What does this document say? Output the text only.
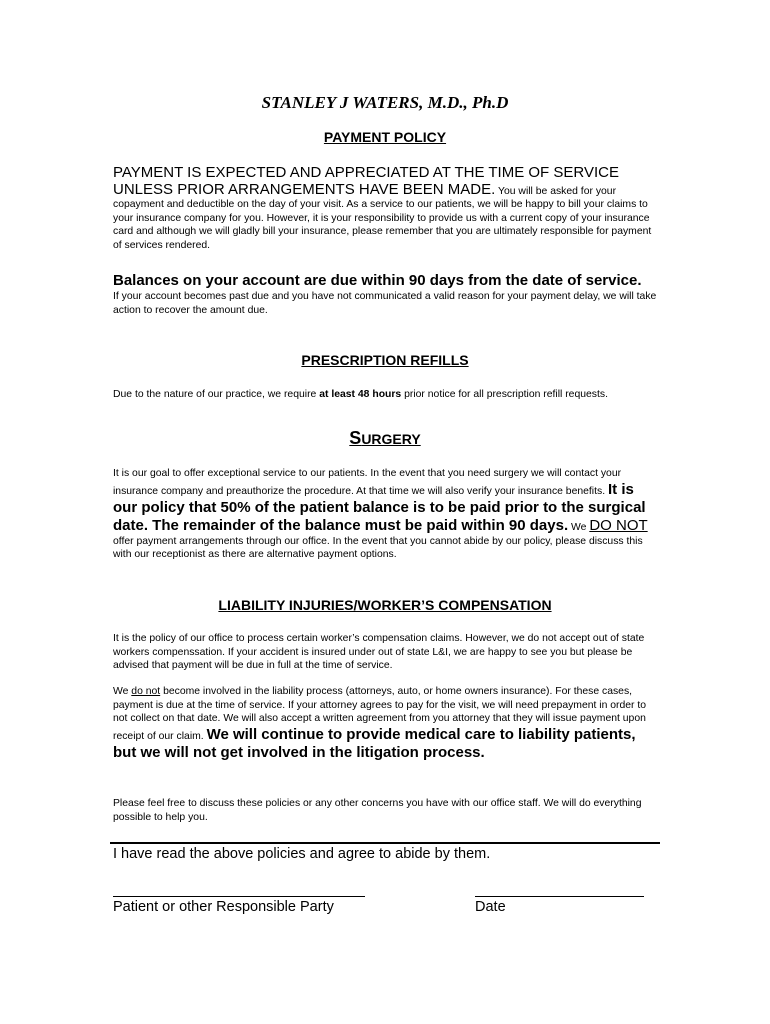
STANLEY J WATERS, M.D., Ph.D
PAYMENT POLICY
PAYMENT IS EXPECTED AND APPRECIATED AT THE TIME OF SERVICE UNLESS PRIOR ARRANGEMENTS HAVE BEEN MADE. You will be asked for your copayment and deductible on the day of your visit. As a service to our patients, we will be happy to bill your claims to your insurance company for you. However, it is your responsibility to provide us with a current copy of your insurance card and although we will gladly bill your insurance, please remember that you are ultimately responsible for payment of services rendered.
Balances on your account are due within 90 days from the date of service.
If your account becomes past due and you have not communicated a valid reason for your payment delay, we will take action to recover the amount due.
PRESCRIPTION REFILLS
Due to the nature of our practice, we require at least 48 hours prior notice for all prescription refill requests.
SURGERY
It is our goal to offer exceptional service to our patients. In the event that you need surgery we will contact your insurance company and preauthorize the procedure. At that time we will also verify your insurance benefits. It is our policy that 50% of the patient balance is to be paid prior to the surgical date. The remainder of the balance must be paid within 90 days. We DO NOT offer payment arrangements through our office. In the event that you cannot abide by our policy, please discuss this with our receptionist as there are alternative payment options.
LIABILITY INJURIES/WORKER’S COMPENSATION
It is the policy of our office to process certain worker’s compensation claims. However, we do not accept out of state workers compenssation. If your accident is insured under out of state L&I, we are happy to see you but please be advised that payment will be due in full at the time of service.
We do not become involved in the liability process (attorneys, auto, or home owners insurance). For these cases, payment is due at the time of service. If your attorney agrees to pay for the visit, we will need prepayment in order to not collect on that date. We will also accept a written agreement from you attorney that they will issue payment upon receipt of our claim. We will continue to provide medical care to liability patients, but we will not get involved in the litigation process.
Please feel free to discuss these policies or any other concerns you have with our office staff. We will do everything possible to help you.
I have read the above policies and agree to abide by them.
Patient or other Responsible Party	Date
